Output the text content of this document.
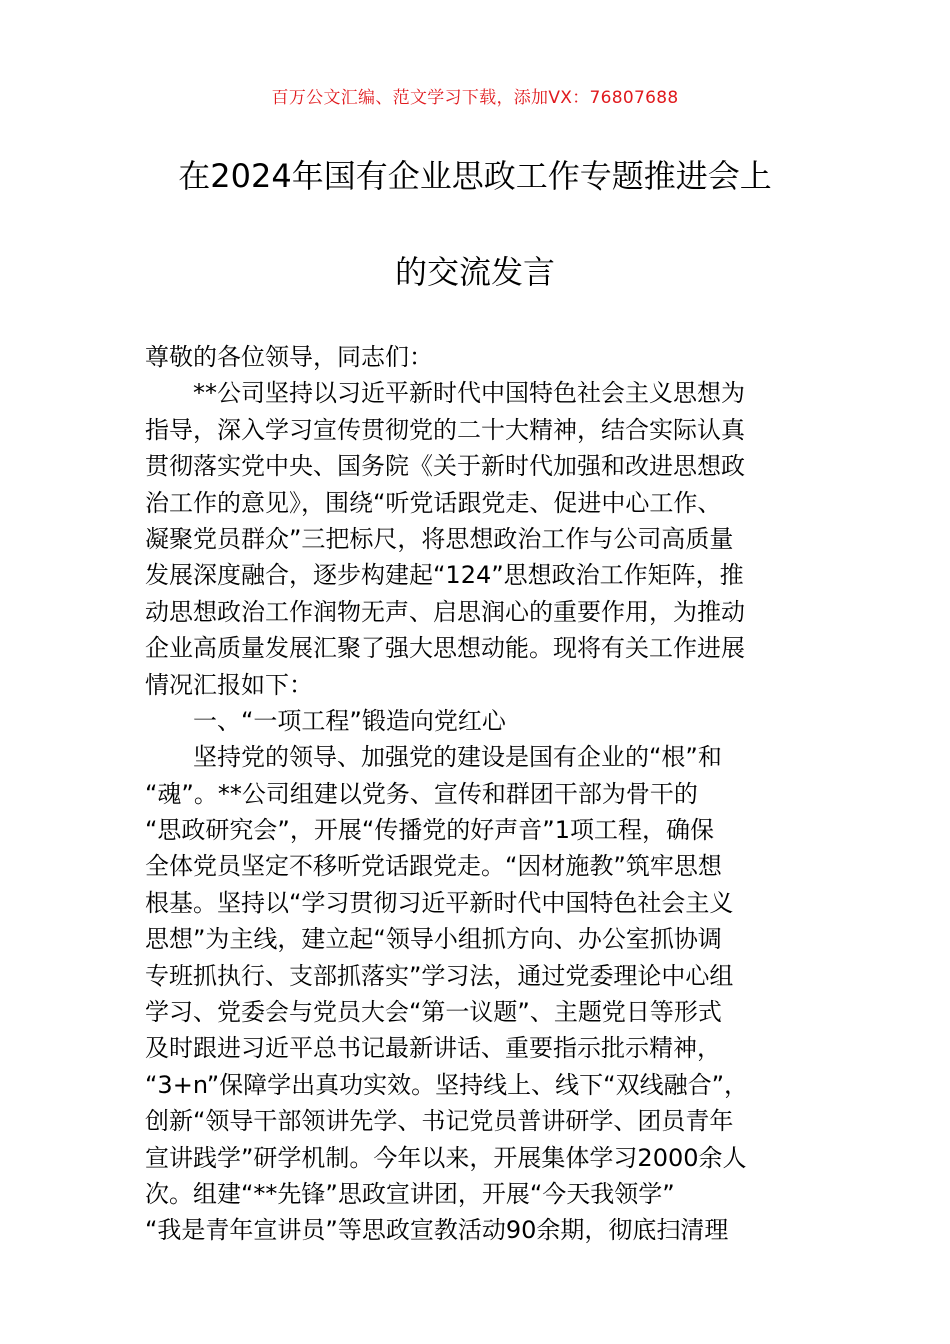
百万公文汇编、范文学习下载，添加VX：76807688
在2024年国有企业思政工作专题推进会上
的交流发言
尊敬的各位领导，同志们：
**公司坚持以习近平新时代中国特色社会主义思想为
指导，深入学习宣传贯彻党的二十大精神，结合实际认真
贯彻落实党中央、国务院《关于新时代加强和改进思想政
治工作的意见》，围绕“听党话跟党走、促进中心工作、
凝聚党员群众”三把标尺，将思想政治工作与公司高质量
发展深度融合，逐步构建起“124”思想政治工作矩阵，推
动思想政治工作润物无声、启思润心的重要作用，为推动
企业高质量发展汇聚了强大思想动能。现将有关工作进展
情况汇报如下：
一、“一项工程”锻造向党红心
坚持党的领导、加强党的建设是国有企业的“根”和
“魂”。**公司组建以党务、宣传和群团干部为骨干的
“思政研究会”，开展“传播党的好声音”1项工程，确保
全体党员坚定不移听党话跟党走。“因材施教”筑牢思想
根基。坚持以“学习贯彻习近平新时代中国特色社会主义
思想”为主线，建立起“领导小组抓方向、办公室抓协调
专班抓执行、支部抓落实”学习法，通过党委理论中心组
学习、党委会与党员大会“第一议题”、主题党日等形式
及时跟进习近平总书记最新讲话、重要指示批示精神，
“3+n”保障学出真功实效。坚持线上、线下“双线融合”，
创新“领导干部领讲先学、书记党员普讲研学、团员青年
宣讲践学”研学机制。今年以来，开展集体学习2000余人
次。组建“**先锋”思政宣讲团，开展“今天我领学”
“我是青年宣讲员”等思政宣教活动90余期，彻底扫清理
